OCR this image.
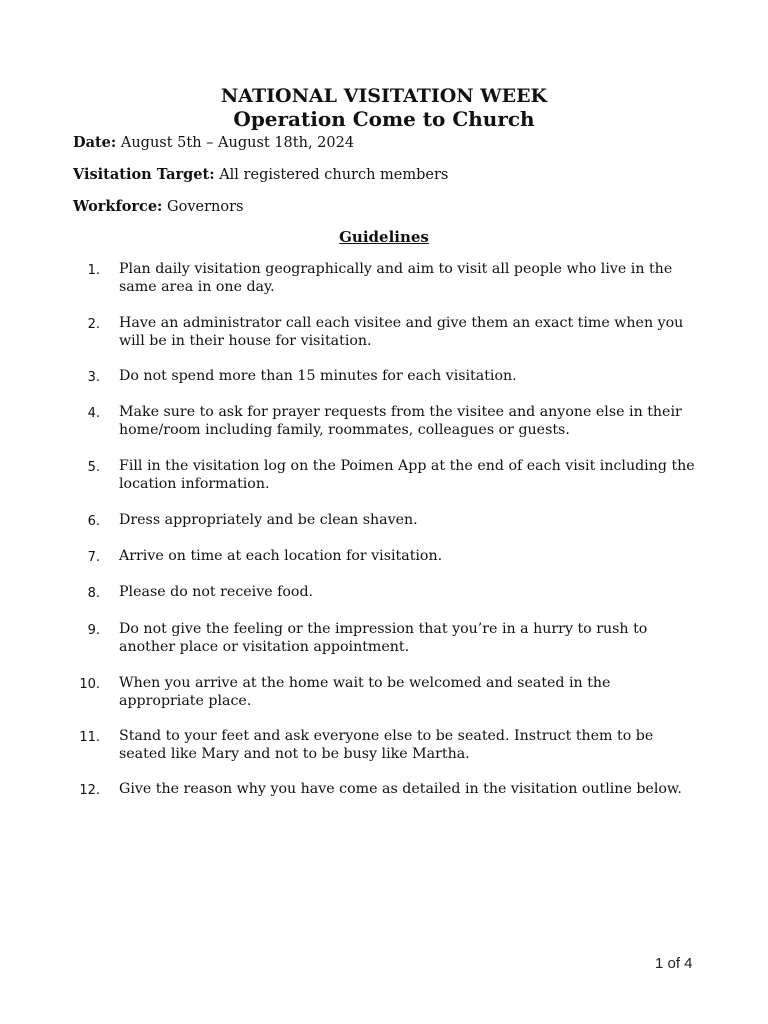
NATIONAL VISITATION WEEK
Operation Come to Church
Date: August 5th – August 18th, 2024
Visitation Target: All registered church members
Workforce: Governors
Guidelines
1. Plan daily visitation geographically and aim to visit all people who live in the same area in one day.
2. Have an administrator call each visitee and give them an exact time when you will be in their house for visitation.
3. Do not spend more than 15 minutes for each visitation.
4. Make sure to ask for prayer requests from the visitee and anyone else in their home/room including family, roommates, colleagues or guests.
5. Fill in the visitation log on the Poimen App at the end of each visit including the location information.
6. Dress appropriately and be clean shaven.
7. Arrive on time at each location for visitation.
8. Please do not receive food.
9. Do not give the feeling or the impression that you’re in a hurry to rush to another place or visitation appointment.
10. When you arrive at the home wait to be welcomed and seated in the appropriate place.
11. Stand to your feet and ask everyone else to be seated. Instruct them to be seated like Mary and not to be busy like Martha.
12. Give the reason why you have come as detailed in the visitation outline below.
1 of 4
